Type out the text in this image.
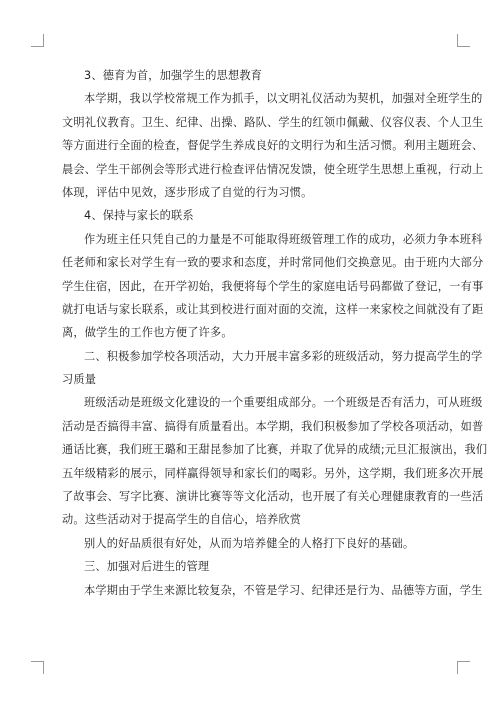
3、德育为首，加强学生的思想教育
本学期，我以学校常规工作为抓手，以文明礼仪活动为契机，加强对全班学生的
文明礼仪教育。卫生、纪律、出操、路队、学生的红领巾佩戴、仪容仪表、个人卫生
等方面进行全面的检查，督促学生养成良好的文明行为和生活习惯。利用主题班会、
晨会、学生干部例会等形式进行检查评估情况发馈，使全班学生思想上重视，行动上
体现，评估中见效，逐步形成了自觉的行为习惯。
4、保持与家长的联系
作为班主任只凭自己的力量是不可能取得班级管理工作的成功，必须力争本班科
任老师和家长对学生有一致的要求和态度，并时常同他们交换意见。由于班内大部分
学生住宿，因此，在开学初始，我便将每个学生的家庭电话号码都做了登记，一有事
就打电话与家长联系，或让其到校进行面对面的交流，这样一来家校之间就没有了距
离，做学生的工作也方便了许多。
二、积极参加学校各项活动，大力开展丰富多彩的班级活动，努力提高学生的学
习质量
班级活动是班级文化建设的一个重要组成部分。一个班级是否有活力，可从班级
活动是否搞得丰富、搞得有质量看出。本学期，我们积极参加了学校各项活动，如普
通话比赛，我们班王璐和王甜昆参加了比赛，并取了优异的成绩;元旦汇报演出，我们
五年级精彩的展示，同样赢得领导和家长们的喝彩。另外，这学期，我们班多次开展
了故事会、写字比赛、演讲比赛等等文化活动，也开展了有关心理健康教育的一些活
动。这些活动对于提高学生的自信心，培养欣赏
别人的好品质很有好处，从而为培养健全的人格打下良好的基础。
三、加强对后进生的管理
本学期由于学生来源比较复杂，不管是学习、纪律还是行为、品德等方面，学生
